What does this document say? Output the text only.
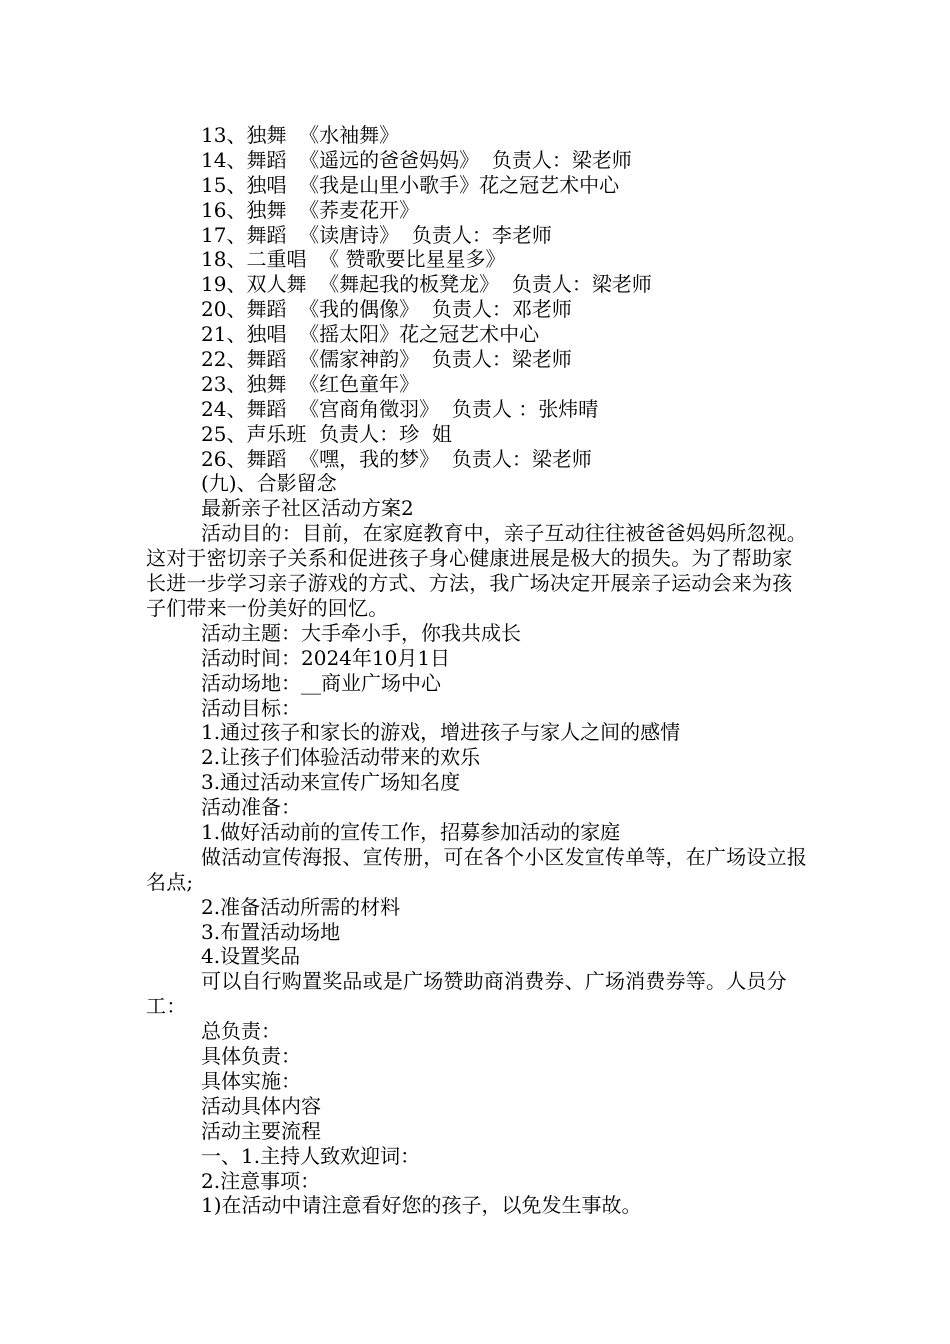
13、独舞  《水袖舞》
14、舞蹈  《遥远的爸爸妈妈》  负责人：梁老师
15、独唱  《我是山里小歌手》花之冠艺术中心
16、独舞  《荞麦花开》
17、舞蹈  《读唐诗》  负责人：李老师
18、二重唱  《 赞歌要比星星多》
19、双人舞  《舞起我的板凳龙》  负责人：梁老师
20、舞蹈  《我的偶像》  负责人：邓老师
21、独唱  《摇太阳》花之冠艺术中心
22、舞蹈  《儒家神韵》  负责人：梁老师
23、独舞  《红色童年》
24、舞蹈  《宫商角徵羽》  负责人 ：张炜晴
25、声乐班  负责人：珍  姐
26、舞蹈  《嘿，我的梦》  负责人：梁老师
(九)、合影留念
最新亲子社区活动方案2

活动目的：目前，在家庭教育中，亲子互动往往被爸爸妈妈所忽视。这对于密切亲子关系和促进孩子身心健康进展是极大的损失。为了帮助家长进一步学习亲子游戏的方式、方法，我广场决定开展亲子运动会来为孩子们带来一份美好的回忆。

活动主题：大手牵小手，你我共成长
活动时间：2024年10月1日
活动场地：__商业广场中心
活动目标：
1.通过孩子和家长的游戏，增进孩子与家人之间的感情
2.让孩子们体验活动带来的欢乐
3.通过活动来宣传广场知名度
活动准备：
1.做好活动前的宣传工作，招募参加活动的家庭

做活动宣传海报、宣传册，可在各个小区发宣传单等，在广场设立报名点;

2.准备活动所需的材料
3.布置活动场地
4.设置奖品

可以自行购置奖品或是广场赞助商消费券、广场消费券等。人员分工：

总负责：
具体负责：
具体实施：
活动具体内容
活动主要流程
一、1.主持人致欢迎词：
2.注意事项：
1)在活动中请注意看好您的孩子，以免发生事故。
